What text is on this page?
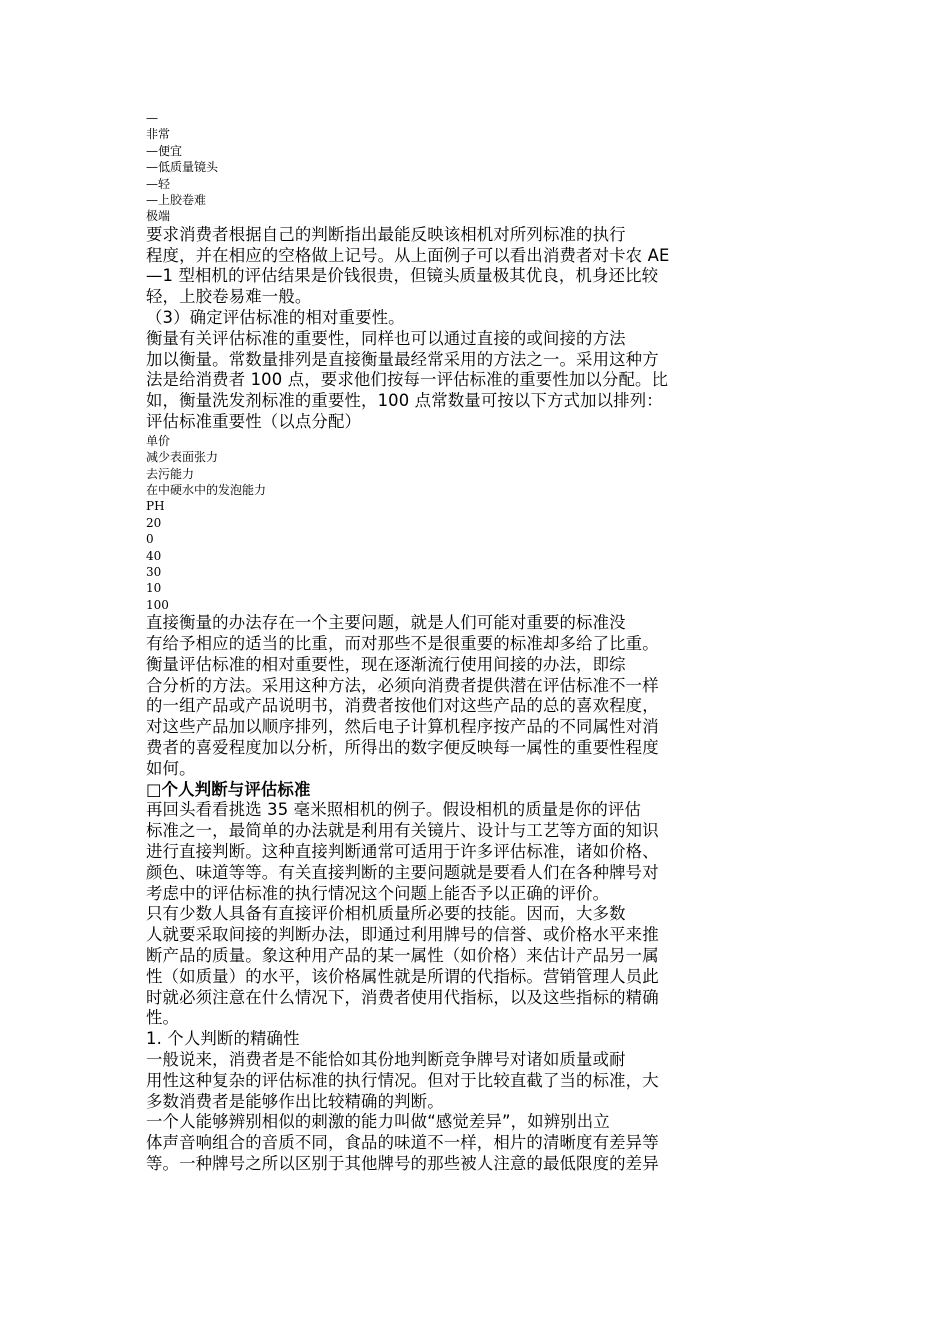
—
非常
—便宜
—低质量镜头
—轻
—上胶卷难
极端
要求消费者根据自己的判断指出最能反映该相机对所列标准的执行
程度，并在相应的空格做上记号。从上面例子可以看出消费者对卡农 AE
—1 型相机的评估结果是价钱很贵，但镜头质量极其优良，机身还比较
轻，上胶卷易难一般。
（3）确定评估标准的相对重要性。
衡量有关评估标准的重要性，同样也可以通过直接的或间接的方法
加以衡量。常数量排列是直接衡量最经常采用的方法之一。采用这种方
法是给消费者 100 点，要求他们按每一评估标准的重要性加以分配。比
如，衡量洗发剂标准的重要性，100 点常数量可按以下方式加以排列：
评估标准重要性（以点分配）
单价
减少表面张力
去污能力
在中硬水中的发泡能力
PH
20
0
40
30
10
100
直接衡量的办法存在一个主要问题，就是人们可能对重要的标准没
有给予相应的适当的比重，而对那些不是很重要的标准却多给了比重。
衡量评估标准的相对重要性，现在逐渐流行使用间接的办法，即综
合分析的方法。采用这种方法，必须向消费者提供潜在评估标准不一样
的一组产品或产品说明书，消费者按他们对这些产品的总的喜欢程度，
对这些产品加以顺序排列，然后电子计算机程序按产品的不同属性对消
费者的喜爱程度加以分析，所得出的数字便反映每一属性的重要性程度
如何。
□个人判断与评估标准
再回头看看挑选 35 毫米照相机的例子。假设相机的质量是你的评估
标准之一，最简单的办法就是利用有关镜片、设计与工艺等方面的知识
进行直接判断。这种直接判断通常可适用于许多评估标准，诸如价格、
颜色、味道等等。有关直接判断的主要问题就是要看人们在各种牌号对
考虑中的评估标准的执行情况这个问题上能否予以正确的评价。
只有少数人具备有直接评价相机质量所必要的技能。因而，大多数
人就要采取间接的判断办法，即通过利用牌号的信誉、或价格水平来推
断产品的质量。象这种用产品的某一属性（如价格）来估计产品另一属
性（如质量）的水平，该价格属性就是所谓的代指标。营销管理人员此
时就必须注意在什么情况下，消费者使用代指标，以及这些指标的精确
性。
1. 个人判断的精确性
一般说来，消费者是不能恰如其份地判断竞争牌号对诸如质量或耐
用性这种复杂的评估标准的执行情况。但对于比较直截了当的标准，大
多数消费者是能够作出比较精确的判断。
一个人能够辨别相似的刺激的能力叫做“感觉差异”，如辨别出立
体声音响组合的音质不同，食品的味道不一样，相片的清晰度有差异等
等。一种牌号之所以区别于其他牌号的那些被人注意的最低限度的差异
